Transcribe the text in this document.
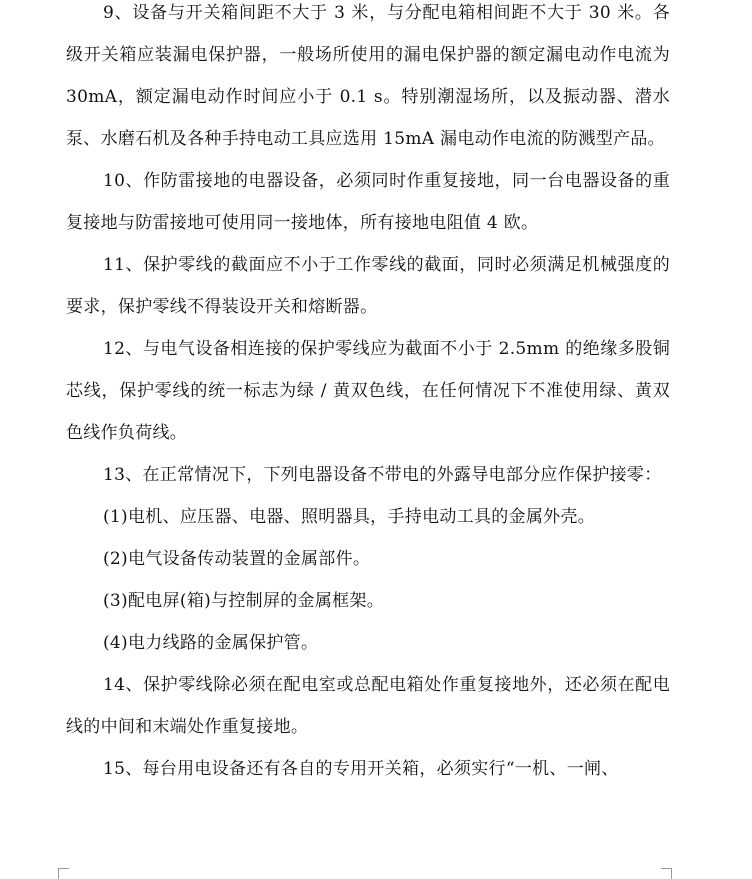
9、设备与开关箱间距不大于 3 米，与分配电箱相间距不大于 30 米。各级开关箱应装漏电保护器，一般场所使用的漏电保护器的额定漏电动作电流为 30mA，额定漏电动作时间应小于 0.1 s。特别潮湿场所，以及振动器、潜水泵、水磨石机及各种手持电动工具应选用 15mA 漏电动作电流的防溅型产品。

10、作防雷接地的电器设备，必须同时作重复接地，同一台电器设备的重复接地与防雷接地可使用同一接地体，所有接地电阻值 4 欧。

11、保护零线的截面应不小于工作零线的截面，同时必须满足机械强度的要求，保护零线不得装设开关和熔断器。

12、与电气设备相连接的保护零线应为截面不小于 2.5mm 的绝缘多股铜芯线，保护零线的统一标志为绿 / 黄双色线，在任何情况下不准使用绿、黄双色线作负荷线。

13、在正常情况下，下列电器设备不带电的外露导电部分应作保护接零：

(1)电机、应压器、电器、照明器具，手持电动工具的金属外壳。

(2)电气设备传动装置的金属部件。

(3)配电屏(箱)与控制屏的金属框架。

(4)电力线路的金属保护管。

14、保护零线除必须在配电室或总配电箱处作重复接地外，还必须在配电线的中间和末端处作重复接地。

15、每台用电设备还有各自的专用开关箱，必须实行“一机、一闸、
